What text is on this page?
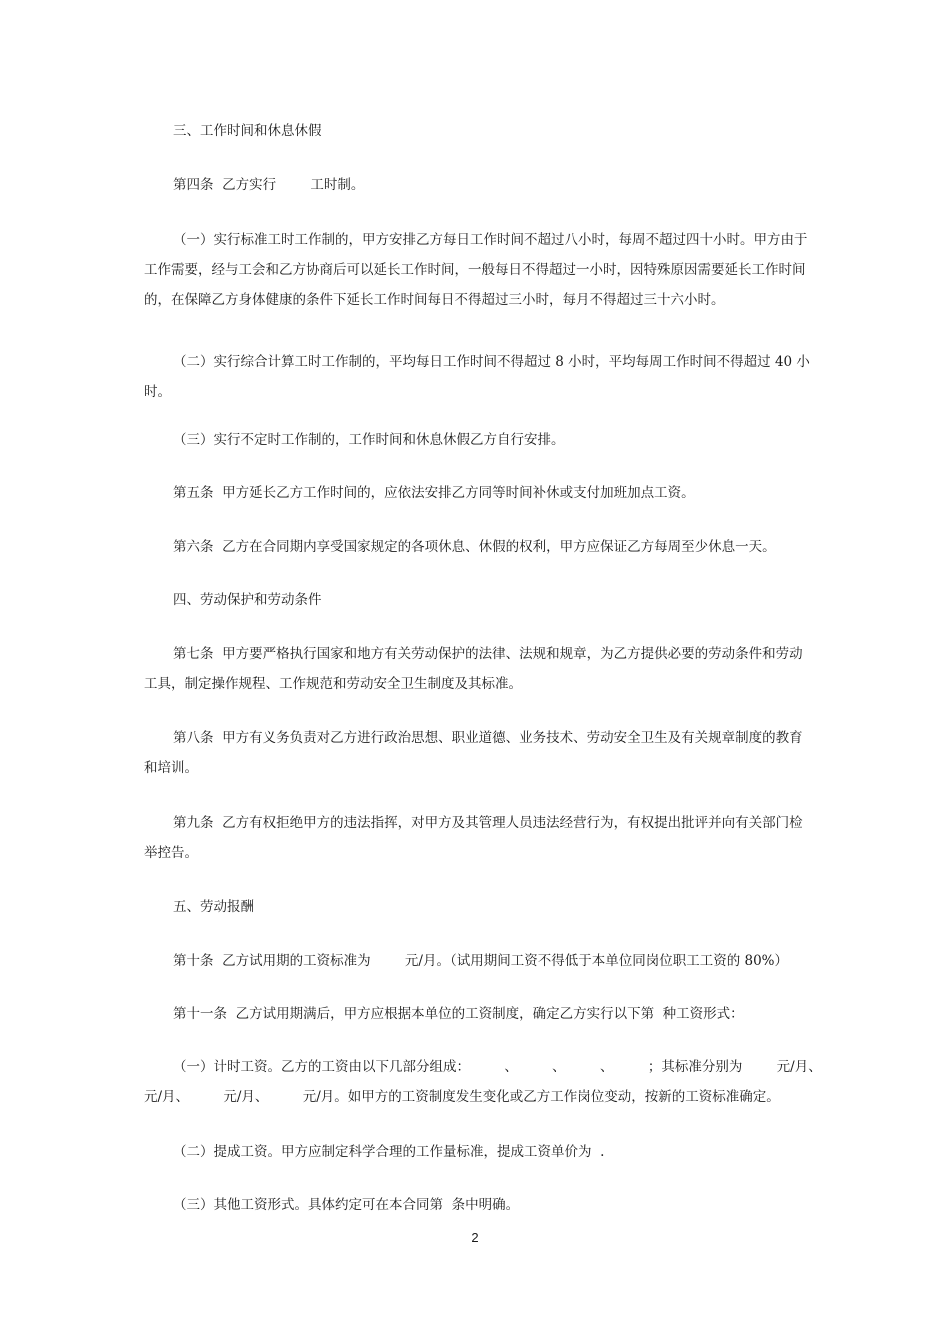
三、工作时间和休息休假

第四条  乙方实行        工时制。

（一）实行标准工时工作制的，甲方安排乙方每日工作时间不超过八小时，每周不超过四十小时。甲方由于工作需要，经与工会和乙方协商后可以延长工作时间，一般每日不得超过一小时，因特殊原因需要延长工作时间的，在保障乙方身体健康的条件下延长工作时间每日不得超过三小时，每月不得超过三十六小时。

（二）实行综合计算工时工作制的，平均每日工作时间不得超过 8 小时，平均每周工作时间不得超过 40 小时。

（三）实行不定时工作制的，工作时间和休息休假乙方自行安排。

第五条  甲方延长乙方工作时间的，应依法安排乙方同等时间补休或支付加班加点工资。

第六条  乙方在合同期内享受国家规定的各项休息、休假的权利，甲方应保证乙方每周至少休息一天。

四、劳动保护和劳动条件

第七条  甲方要严格执行国家和地方有关劳动保护的法律、法规和规章，为乙方提供必要的劳动条件和劳动工具，制定操作规程、工作规范和劳动安全卫生制度及其标准。

第八条  甲方有义务负责对乙方进行政治思想、职业道德、业务技术、劳动安全卫生及有关规章制度的教育和培训。

第九条  乙方有权拒绝甲方的违法指挥，对甲方及其管理人员违法经营行为，有权提出批评并向有关部门检举控告。

五、劳动报酬

第十条  乙方试用期的工资标准为        元/月。（试用期间工资不得低于本单位同岗位职工工资的 80%）

第十一条  乙方试用期满后，甲方应根据本单位的工资制度，确定乙方实行以下第  种工资形式：

（一）计时工资。乙方的工资由以下几部分组成：        、        、        、        ；其标准分别为        元/月、

元/月、        元/月、        元/月。如甲方的工资制度发生变化或乙方工作岗位变动，按新的工资标准确定。

（二）提成工资。甲方应制定科学合理的工作量标准，提成工资单价为  .

（三）其他工资形式。具体约定可在本合同第  条中明确。

2
